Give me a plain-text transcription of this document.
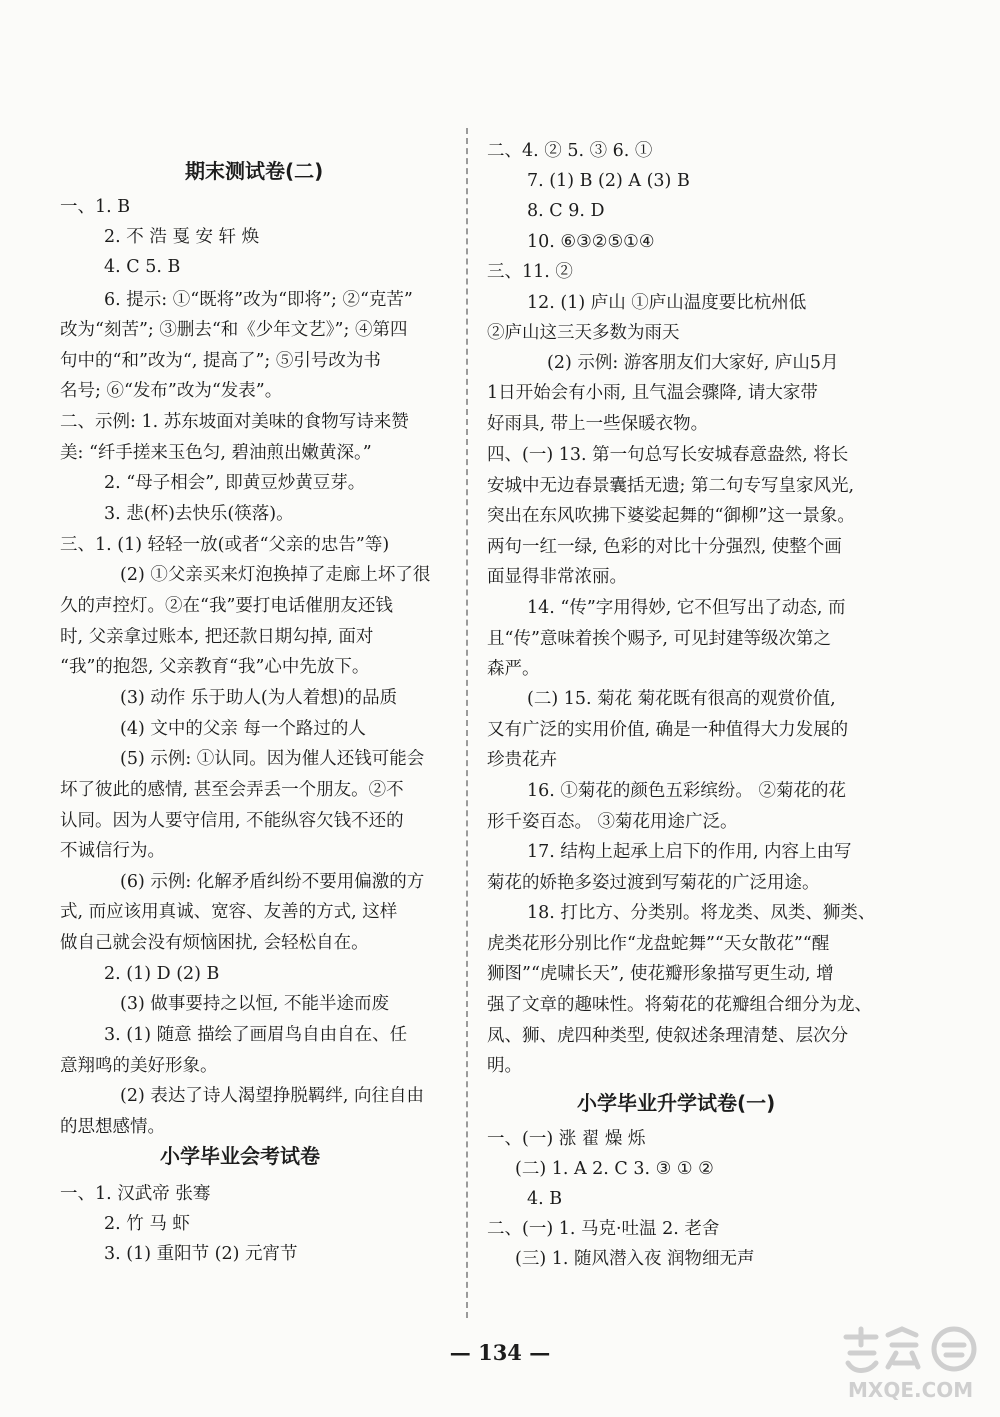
期末测试卷(二)
一、1. B
2. 不 浩 戛 安 轩 焕
4. C 5. B
6. 提示: ①“既将”改为“即将”; ②“克苦”
改为“刻苦”; ③删去“和《少年文艺》”; ④第四
句中的“和”改为“, 提高了”; ⑤引号改为书
名号; ⑥“发布”改为“发表”。
二、示例: 1. 苏东坡面对美味的食物写诗来赞
美: “纤手搓来玉色匀, 碧油煎出嫩黄深。”
2. “母子相会”, 即黄豆炒黄豆芽。
3. 悲(杯)去快乐(筷落)。
三、1. (1) 轻轻一放(或者“父亲的忠告”等)
(2) ①父亲买来灯泡换掉了走廊上坏了很
久的声控灯。②在“我”要打电话催朋友还钱
时, 父亲拿过账本, 把还款日期勾掉, 面对
“我”的抱怨, 父亲教育“我”心中先放下。
(3) 动作 乐于助人(为人着想)的品质
(4) 文中的父亲 每一个路过的人
(5) 示例: ①认同。因为催人还钱可能会
坏了彼此的感情, 甚至会弄丢一个朋友。②不
认同。因为人要守信用, 不能纵容欠钱不还的
不诚信行为。
(6) 示例: 化解矛盾纠纷不要用偏激的方
式, 而应该用真诚、宽容、友善的方式, 这样
做自己就会没有烦恼困扰, 会轻松自在。
2. (1) D (2) B
(3) 做事要持之以恒, 不能半途而废
3. (1) 随意 描绘了画眉鸟自由自在、任
意翔鸣的美好形象。
(2) 表达了诗人渴望挣脱羁绊, 向往自由
的思想感情。
小学毕业会考试卷
一、1. 汉武帝 张骞
2. 竹 马 虾
3. (1) 重阳节 (2) 元宵节
二、4. ② 5. ③ 6. ①
7. (1) B (2) A (3) B
8. C 9. D
10. ⑥③②⑤①④
三、11. ②
12. (1) 庐山 ①庐山温度要比杭州低
②庐山这三天多数为雨天
(2) 示例: 游客朋友们大家好, 庐山5月
1日开始会有小雨, 且气温会骤降, 请大家带
好雨具, 带上一些保暖衣物。
四、(一) 13. 第一句总写长安城春意盎然, 将长
安城中无边春景囊括无遗; 第二句专写皇家风光,
突出在东风吹拂下婆娑起舞的“御柳”这一景象。
两句一红一绿, 色彩的对比十分强烈, 使整个画
面显得非常浓丽。
14. “传”字用得妙, 它不但写出了动态, 而
且“传”意味着挨个赐予, 可见封建等级次第之
森严。
(二) 15. 菊花 菊花既有很高的观赏价值,
又有广泛的实用价值, 确是一种值得大力发展的
珍贵花卉
16. ①菊花的颜色五彩缤纷。 ②菊花的花
形千姿百态。 ③菊花用途广泛。
17. 结构上起承上启下的作用, 内容上由写
菊花的娇艳多姿过渡到写菊花的广泛用途。
18. 打比方、分类别。将龙类、凤类、狮类、
虎类花形分别比作“龙盘蛇舞”“天女散花”“醒
狮图”“虎啸长天”, 使花瓣形象描写更生动, 增
强了文章的趣味性。将菊花的花瓣组合细分为龙、
凤、狮、虎四种类型, 使叙述条理清楚、层次分
明。
小学毕业升学试卷(一)
一、(一) 涨 翟 燥 烁
(二) 1. A 2. C 3. ③ ① ②
4. B
二、(一) 1. 马克·吐温 2. 老舍
(三) 1. 随风潜入夜 润物细无声
— 134 —
MXQE.COM
